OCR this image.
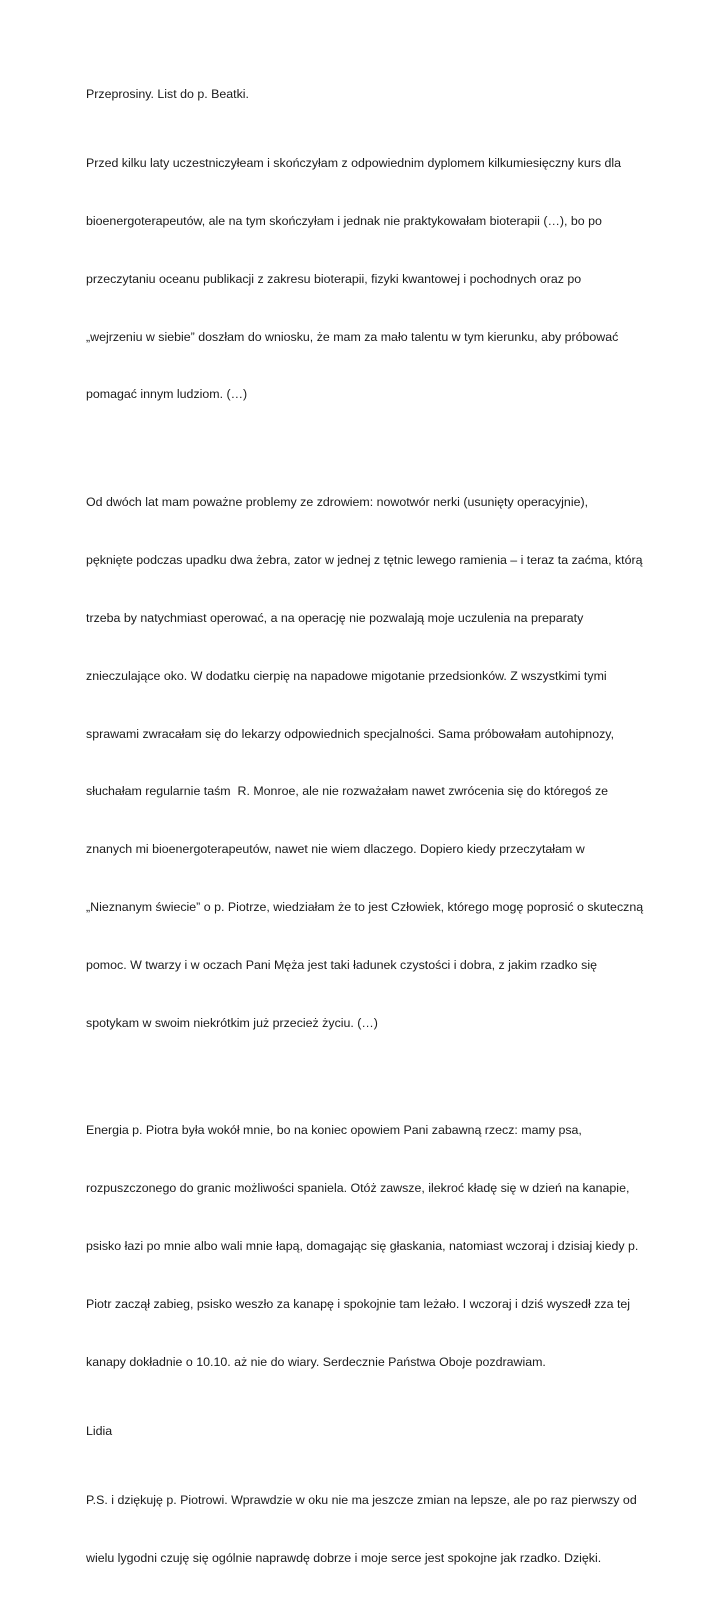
Przeprosiny. List do p. Beatki.

Przed kilku laty uczestniczyłeam i skończyłam z odpowiednim dyplomem kilkumiesięczny kurs dla

bioenergoterapeutów, ale na tym skończyłam i jednak nie praktykowałam bioterapii (…), bo po

przeczytaniu oceanu publikacji z zakresu bioterapii, fizyki kwantowej i pochodnych oraz po

„wejrzeniu w siebie” doszłam do wniosku, że mam za mało talentu w tym kierunku, aby próbować

pomagać innym ludziom. (…)

Od dwóch lat mam poważne problemy ze zdrowiem: nowotwór nerki (usunięty operacyjnie),

pęknięte podczas upadku dwa żebra, zator w jednej z tętnic lewego ramienia – i teraz ta zaćma, którą

trzeba by natychmiast operować, a na operację nie pozwalają moje uczulenia na preparaty

znieczulające oko. W dodatku cierpię na napadowe migotanie przedsionków. Z wszystkimi tymi

sprawami zwracałam się do lekarzy odpowiednich specjalności. Sama próbowałam autohipnozy,

słuchałam regularnie taśm  R. Monroe, ale nie rozważałam nawet zwrócenia się do któregoś ze

znanych mi bioenergoterapeutów, nawet nie wiem dlaczego. Dopiero kiedy przeczytałam w

„Nieznanym świecie” o p. Piotrze, wiedziałam że to jest Człowiek, którego mogę poprosić o skuteczną

pomoc. W twarzy i w oczach Pani Męża jest taki ładunek czystości i dobra, z jakim rzadko się

spotykam w swoim niekrótkim już przecież życiu. (…)

Energia p. Piotra była wokół mnie, bo na koniec opowiem Pani zabawną rzecz: mamy psa,

rozpuszczonego do granic możliwości spaniela. Otóż zawsze, ilekroć kładę się w dzień na kanapie,

psisko łazi po mnie albo wali mnie łapą, domagając się głaskania, natomiast wczoraj i dzisiaj kiedy p.

Piotr zaczął zabieg, psisko weszło za kanapę i spokojnie tam leżało. I wczoraj i dziś wyszedł zza tej

kanapy dokładnie o 10.10. aż nie do wiary. Serdecznie Państwa Oboje pozdrawiam.

Lidia

P.S. i dziękuję p. Piotrowi. Wprawdzie w oku nie ma jeszcze zmian na lepsze, ale po raz pierwszy od

wielu lygodni czuję się ogólnie naprawdę dobrze i moje serce jest spokojne jak rzadko. Dzięki.
